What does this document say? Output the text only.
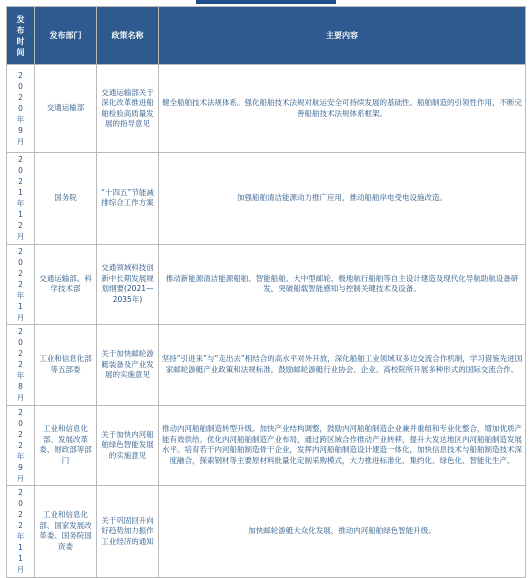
发布时间	发布部门	政策名称	主要内容
2020年9月	交通运输部	交通运输部关于深化改革推进船舶检验高质量发展的指导意见	健全船舶技术法规体系。强化船舶技术法规对航运安全可持续发展的基础性、船舶制造的引领性作用，不断完善船舶技术法规体系框架。
2021年12月	国务院	“十四五”节能减排综合工作方案	加强船舶清洁能源动力推广应用，推动船舶岸电受电设施改造。
2022年1月	交通运输部、科学技术部	交通领域科技创新中长期发展规划纲要(2021—2035年)	推动新能源清洁能源船舶、智能船舶、大中型邮轮、极地航行船舶等自主设计建造及现代化导航助航设备研发，突破船载智能感知与控制关键技术及设备。
2022年8月	工业和信息化部等五部委	关于加快邮轮游艇装备及产业发展的实施意见	坚持“引进来”与“走出去”相结合的高水平对外开放，深化船舶工业领域双多边交流合作机制，学习借鉴先进国家邮轮游艇产业政策和法规标准，鼓励邮轮游艇行业协会、企业、高校院所开展多种形式的国际交流合作。
2022年9月	工业和信息化部、发展改革委、财政部等部门	关于加快内河船舶绿色智能发展的实施意见	推动内河船舶制造转型升级。加快产业结构调整，鼓励内河船舶制造企业兼并重组和专业化整合，增加优质产能有效供给。优化内河船舶制造产业布局，通过跨区域合作推动产业转移，提升大发达地区内河船舶制造发展水平。培育若干内河船舶制造骨干企业，发挥内河船舶制造设计建造一体化，加快信息技术与船舶制造技术深度融合，探索钢材等主要原材料批量化定制采购模式，大力推进标准化、集约化、绿色化、智能化生产。
2022年11月	工业和信息化部、国家发展改革委、国务院国资委	关于巩固回升向好趋势加力振作工业经济的通知	加快邮轮游艇大众化发展，推动内河船舶绿色智能升级。
